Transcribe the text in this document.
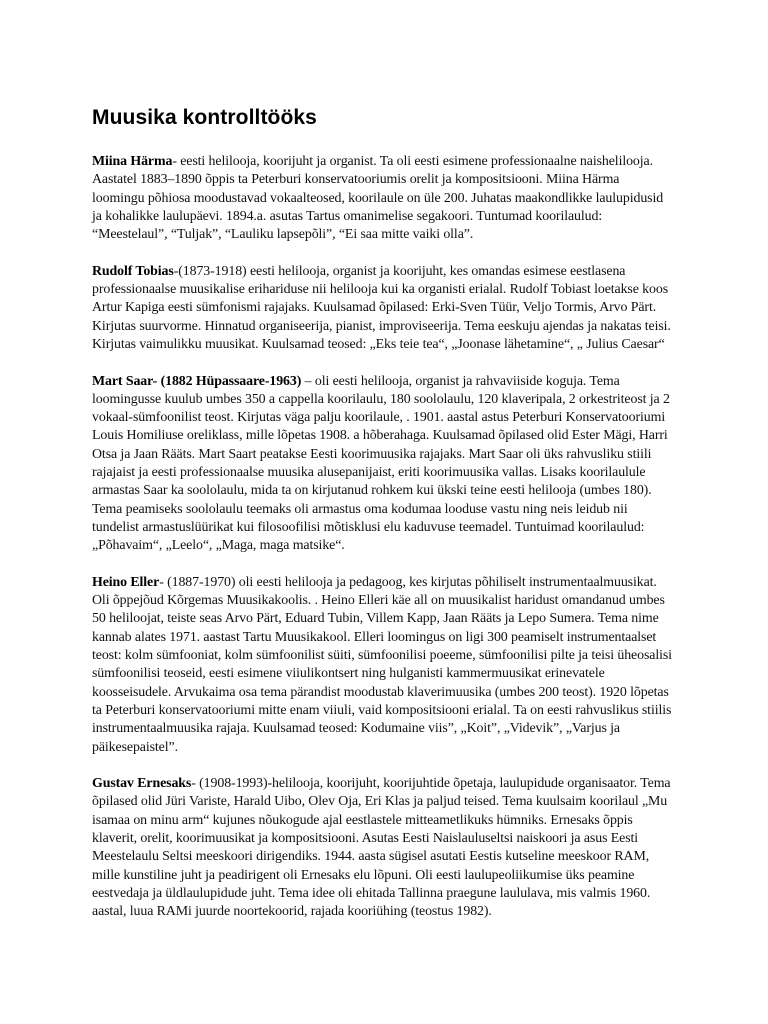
Muusika kontrolltööks

Miina Härma- eesti helilooja, koorijuht ja organist. Ta oli eesti esimene professionaalne naishelilooja. Aastatel 1883–1890 õppis ta Peterburi konservatooriumis orelit ja kompositsiooni. Miina Härma loomingu põhiosa moodustavad vokaalteosed, koorilaule on üle 200. Juhatas maakondlikke laulupidusid ja kohalikke laulupäevi. 1894.a. asutas Tartus omanimelise segakoori. Tuntumad koorilaulud: “Meestelaul”, “Tuljak”, “Lauliku lapsepõli”, “Ei saa mitte vaiki olla”.

Rudolf Tobias-(1873-1918) eesti helilooja, organist ja koorijuht, kes omandas esimese eestlasena professionaalse muusikalise erihariduse nii helilooja kui ka organisti erialal. Rudolf Tobiast loetakse koos Artur Kapiga eesti sümfonismi rajajaks. Kuulsamad õpilased: Erki-Sven Tüür, Veljo Tormis, Arvo Pärt. Kirjutas suurvorme. Hinnatud organiseerija, pianist, improviseerija. Tema eeskuju ajendas ja nakatas teisi. Kirjutas vaimulikku muusikat. Kuulsamad teosed: „Eks teie tea“, „Joonase lähetamine“, „ Julius Caesar“

Mart Saar- (1882 Hüpassaare-1963) – oli eesti helilooja, organist ja rahvaviiside koguja. Tema loomingusse kuulub umbes 350 a cappella koorilaulu, 180 soololaulu, 120 klaveripala, 2 orkestriteost ja 2 vokaal-sümfoonilist teost. Kirjutas väga palju koorilaule, . 1901. aastal astus Peterburi Konservatooriumi Louis Homiliuse oreliklass, mille lõpetas 1908. a hõberahaga. Kuulsamad õpilased olid Ester Mägi, Harri Otsa ja Jaan Rääts. Mart Saart peatakse Eesti koorimuusika rajajaks. Mart Saar oli üks rahvusliku stiili rajajaist ja eesti professionaalse muusika alusepanijaist, eriti koorimuusika vallas. Lisaks koorilaulule armastas Saar ka soololaulu, mida ta on kirjutanud rohkem kui ükski teine eesti helilooja (umbes 180). Tema peamiseks soololaulu teemaks oli armastus oma kodumaa looduse vastu ning neis leidub nii tundelist armastuslüürikat kui filosoofilisi mõtisklusi elu kaduvuse teemadel. Tuntuimad koorilaulud: „Põhavaim“, „Leelo“, „Maga, maga matsike“.

Heino Eller- (1887-1970) oli eesti helilooja ja pedagoog, kes kirjutas põhiliselt instrumentaalmuusikat. Oli õppejõud Kõrgemas Muusikakoolis. . Heino Elleri käe all on muusikalist haridust omandanud umbes 50 heliloojat, teiste seas Arvo Pärt, Eduard Tubin, Villem Kapp, Jaan Rääts ja Lepo Sumera. Tema nime kannab alates 1971. aastast Tartu Muusikakool. Elleri loomingus on ligi 300 peamiselt instrumentaalset teost: kolm sümfooniat, kolm sümfoonilist süiti, sümfoonilisi poeeme, sümfoonilisi pilte ja teisi üheosalisi sümfoonilisi teoseid, eesti esimene viiulikontsert ning hulganisti kammermuusikat erinevatele koosseisudele. Arvukaima osa tema pärandist moodustab klaverimuusika (umbes 200 teost). 1920 lõpetas ta Peterburi konservatooriumi mitte enam viiuli, vaid kompositsiooni erialal. Ta on eesti rahvuslikus stiilis instrumentaalmuusika rajaja. Kuulsamad teosed: Kodumaine viis”, „Koit”, „Videvik”, „Varjus ja päikesepaistel”.

Gustav Ernesaks- (1908-1993)-helilooja, koorijuht, koorijuhtide õpetaja, laulupidude organisaator. Tema õpilased olid Jüri Variste, Harald Uibo, Olev Oja, Eri Klas ja paljud teised. Tema kuulsaim koorilaul „Mu isamaa on minu arm“ kujunes nõukogude ajal eestlastele mitteametlikuks hümniks. Ernesaks õppis klaverit, orelit, koorimuusikat ja kompositsiooni. Asutas Eesti Naislauluseltsi naiskoori ja asus Eesti Meestelaulu Seltsi meeskoori dirigendiks. 1944. aasta sügisel asutati Eestis kutseline meeskoor RAM, mille kunstiline juht ja peadirigent oli Ernesaks elu lõpuni. Oli eesti laulupeoliikumise üks peamine eestvedaja ja üldlaulupidude juht. Tema idee oli ehitada Tallinna praegune laululava, mis valmis 1960. aastal, luua RAMi juurde noortekoorid, rajada kooriühing (teostus 1982).
